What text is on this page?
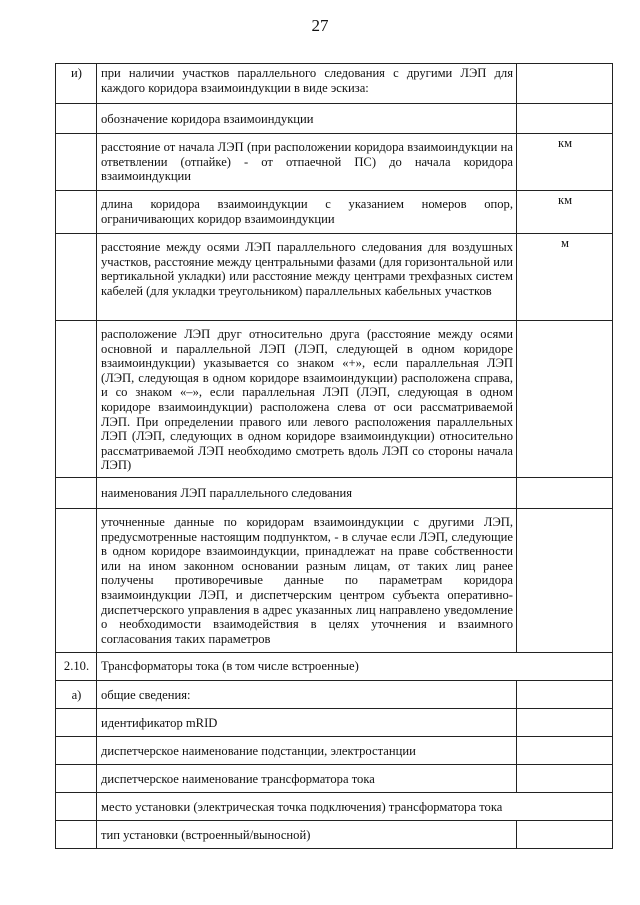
27
и)	при наличии участков параллельного следования с другими ЛЭП для каждого коридора взаимоиндукции в виде эскиза:	
	обозначение коридора взаимоиндукции	
	расстояние от начала ЛЭП (при расположении коридора взаимоиндукции на ответвлении (отпайке) - от отпаечной ПС) до начала коридора взаимоиндукции	км
	длина коридора взаимоиндукции с указанием номеров опор, ограничивающих коридор взаимоиндукции	км
	расстояние между осями ЛЭП параллельного следования для воздушных участков, расстояние между центральными фазами (для горизонтальной или вертикальной укладки) или расстояние между центрами трехфазных систем кабелей (для укладки треугольником) параллельных кабельных участков	м
	расположение ЛЭП друг относительно друга (расстояние между осями основной и параллельной ЛЭП (ЛЭП, следующей в одном коридоре взаимоиндукции) указывается со знаком «+», если параллельная ЛЭП (ЛЭП, следующая в одном коридоре взаимоиндукции) расположена справа, и со знаком «–», если параллельная ЛЭП (ЛЭП, следующая в одном коридоре взаимоиндукции) расположена слева от оси рассматриваемой ЛЭП. При определении правого или левого расположения параллельных ЛЭП (ЛЭП, следующих в одном коридоре взаимоиндукции) относительно рассматриваемой ЛЭП необходимо смотреть вдоль ЛЭП со стороны начала ЛЭП)	
	наименования ЛЭП параллельного следования	
	уточненные данные по коридорам взаимоиндукции с другими ЛЭП, предусмотренные настоящим подпунктом, - в случае если ЛЭП, следующие в одном коридоре взаимоиндукции, принадлежат на праве собственности или на ином законном основании разным лицам, от таких лиц ранее получены противоречивые данные по параметрам коридора взаимоиндукции ЛЭП, и диспетчерским центром субъекта оперативно-диспетчерского управления в адрес указанных лиц направлено уведомление о необходимости взаимодействия в целях уточнения и взаимного согласования таких параметров	
2.10.	Трансформаторы тока (в том числе встроенные)	
а)	общие сведения:	
	идентификатор mRID	
	диспетчерское наименование подстанции, электростанции	
	диспетчерское наименование трансформатора тока	
	место установки (электрическая точка подключения) трансформатора тока	
	тип установки (встроенный/выносной)	
